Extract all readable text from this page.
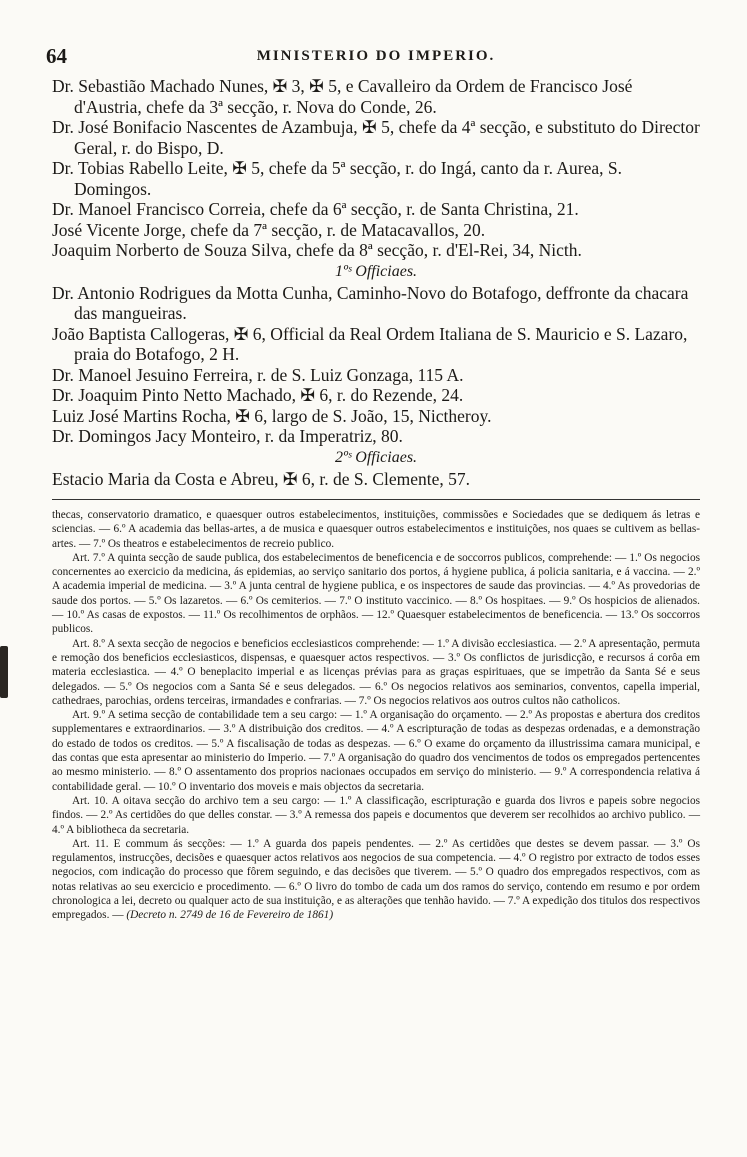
64	MINISTERIO DO IMPERIO.
Dr. Sebastião Machado Nunes, ✠ 3, ✠ 5, e Cavalleiro da Ordem de Francisco José d'Austria, chefe da 3ª secção, r. Nova do Conde, 26.
Dr. José Bonifacio Nascentes de Azambuja, ✠ 5, chefe da 4ª secção, e substituto do Director Geral, r. do Bispo, D.
Dr. Tobias Rabello Leite, ✠ 5, chefe da 5ª secção, r. do Ingá, canto da r. Aurea, S. Domingos.
Dr. Manoel Francisco Correia, chefe da 6ª secção, r. de Santa Christina, 21.
José Vicente Jorge, chefe da 7ª secção, r. de Matacavallos, 20.
Joaquim Norberto de Souza Silva, chefe da 8ª secção, r. d'El-Rei, 34, Nicth.
1ºˢ Officiaes.
Dr. Antonio Rodrigues da Motta Cunha, Caminho-Novo do Botafogo, deffronte da chacara das mangueiras.
João Baptista Callogeras, ✠ 6, Official da Real Ordem Italiana de S. Mauricio e S. Lazaro, praia do Botafogo, 2 H.
Dr. Manoel Jesuino Ferreira, r. de S. Luiz Gonzaga, 115 A.
Dr. Joaquim Pinto Netto Machado, ✠ 6, r. do Rezende, 24.
Luiz José Martins Rocha, ✠ 6, largo de S. João, 15, Nictheroy.
Dr. Domingos Jacy Monteiro, r. da Imperatriz, 80.
2ºˢ Officiaes.
Estacio Maria da Costa e Abreu, ✠ 6, r. de S. Clemente, 57.

thecas, conservatorio dramatico, e quaesquer outros estabelecimentos, instituições, commissões e Sociedades que se dediquem ás letras e sciencias. — 6.º A academia das bellas-artes, a de musica e quaesquer outros estabelecimentos e instituições, nos quaes se cultivem as bellas-artes. — 7.º Os theatros e estabelecimentos de recreio publico.

Art. 7.º A quinta secção de saude publica, dos estabelecimentos de beneficencia e de soccorros publicos, comprehende: — 1.º Os negocios concernentes ao exercicio da medicina, ás epidemias, ao serviço sanitario dos portos, á hygiene publica, á policia sanitaria, e á vaccina. — 2.º A academia imperial de medicina. — 3.º A junta central de hygiene publica, e os inspectores de saude das provincias. — 4.º As provedorias de saude dos portos. — 5.º Os lazaretos. — 6.º Os cemiterios. — 7.º O instituto vaccinico. — 8.º Os hospitaes. — 9.º Os hospicios de alienados. — 10.º As casas de expostos. — 11.º Os recolhimentos de orphãos. — 12.º Quaesquer estabelecimentos de beneficencia. — 13.º Os soccorros publicos.

Art. 8.º A sexta secção de negocios e beneficios ecclesiasticos comprehende: — 1.º A divisão ecclesiastica. — 2.º A apresentação, permuta e remoção dos beneficios ecclesiasticos, dispensas, e quaesquer actos respectivos. — 3.º Os conflictos de jurisdicção, e recursos á corôa em materia ecclesiastica. — 4.º O beneplacito imperial e as licenças prévias para as graças espirituaes, que se impetrão da Santa Sé e seus delegados. — 5.º Os negocios com a Santa Sé e seus delegados. — 6.º Os negocios relativos aos seminarios, conventos, capella imperial, cathedraes, parochias, ordens terceiras, irmandades e confrarias. — 7.º Os negocios relativos aos outros cultos não catholicos.

Art. 9.º A setima secção de contabilidade tem a seu cargo: — 1.º A organisação do orçamento. — 2.º As propostas e abertura dos creditos supplementares e extraordinarios. — 3.º A distribuição dos creditos. — 4.º A escripturação de todas as despezas ordenadas, e a demonstração do estado de todos os creditos. — 5.º A fiscalisação de todas as despezas. — 6.º O exame do orçamento da illustrissima camara municipal, e das contas que esta apresentar ao ministerio do Imperio. — 7.º A organisação do quadro dos vencimentos de todos os empregados pertencentes ao mesmo ministerio. — 8.º O assentamento dos proprios nacionaes occupados em serviço do ministerio. — 9.º A correspondencia relativa á contabilidade geral. — 10.º O inventario dos moveis e mais objectos da secretaria.

Art. 10. A oitava secção do archivo tem a seu cargo: — 1.º A classificação, escripturação e guarda dos livros e papeis sobre negocios findos. — 2.º As certidões do que delles constar. — 3.º A remessa dos papeis e documentos que deverem ser recolhidos ao archivo publico. — 4.º A bibliotheca da secretaria.

Art. 11. E commum ás secções: — 1.º A guarda dos papeis pendentes. — 2.º As certidões que destes se devem passar. — 3.º Os regulamentos, instrucções, decisões e quaesquer actos relativos aos negocios de sua competencia. — 4.º O registro por extracto de todos esses negocios, com indicação do processo que fôrem seguindo, e das decisões que tiverem. — 5.º O quadro dos empregados respectivos, com as notas relativas ao seu exercicio e procedimento. — 6.º O livro do tombo de cada um dos ramos do serviço, contendo em resumo e por ordem chronologica a lei, decreto ou qualquer acto de sua instituição, e as alterações que tenhão havido. — 7.º A expedição dos titulos dos respectivos empregados. — (Decreto n. 2749 de 16 de Fevereiro de 1861)
